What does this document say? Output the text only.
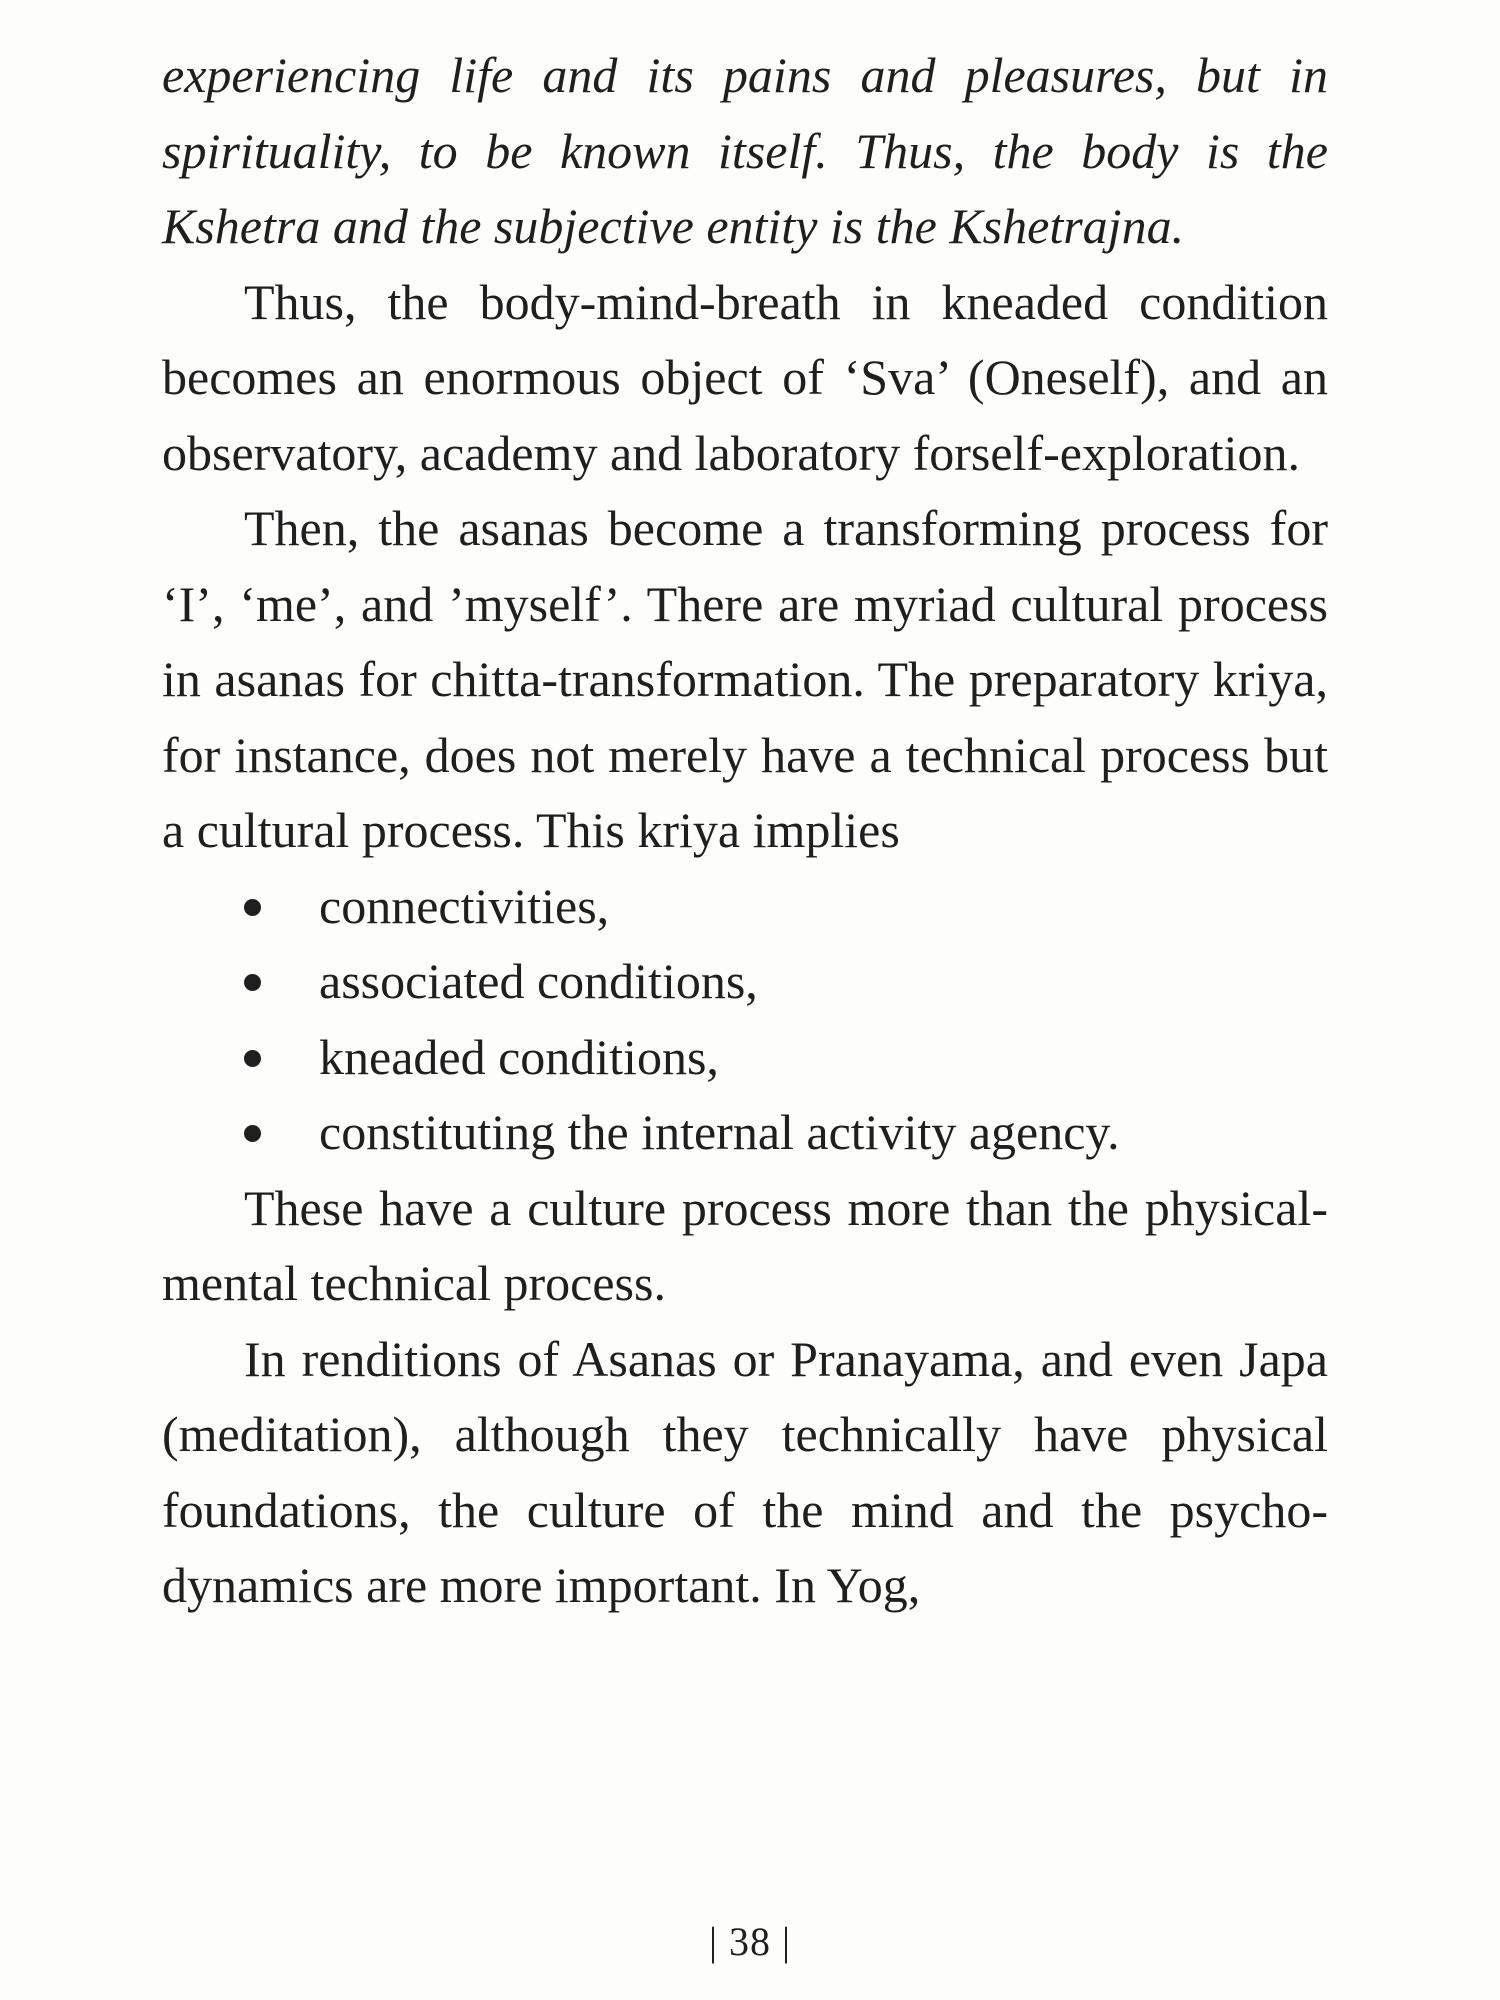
experiencing life and its pains and pleasures, but in spirituality, to be known itself. Thus, the body is the Kshetra and the subjective entity is the Kshetrajna.

Thus, the body-mind-breath in kneaded condition becomes an enormous object of ‘Sva’ (Oneself), and an observatory, academy and laboratory forself-exploration.

Then, the asanas become a transforming process for ‘I’, ‘me’, and ’myself’. There are myriad cultural process in asanas for chitta-transformation. The preparatory kriya, for instance, does not merely have a technical process but a cultural process. This kriya implies

connectivities,
associated conditions,
kneaded conditions,
constituting the internal activity agency.

These have a culture process more than the physical-mental technical process.

In renditions of Asanas or Pranayama, and even Japa (meditation), although they technically have physical foundations, the culture of the mind and the psycho-dynamics are more important. In Yog,

| 38 |
